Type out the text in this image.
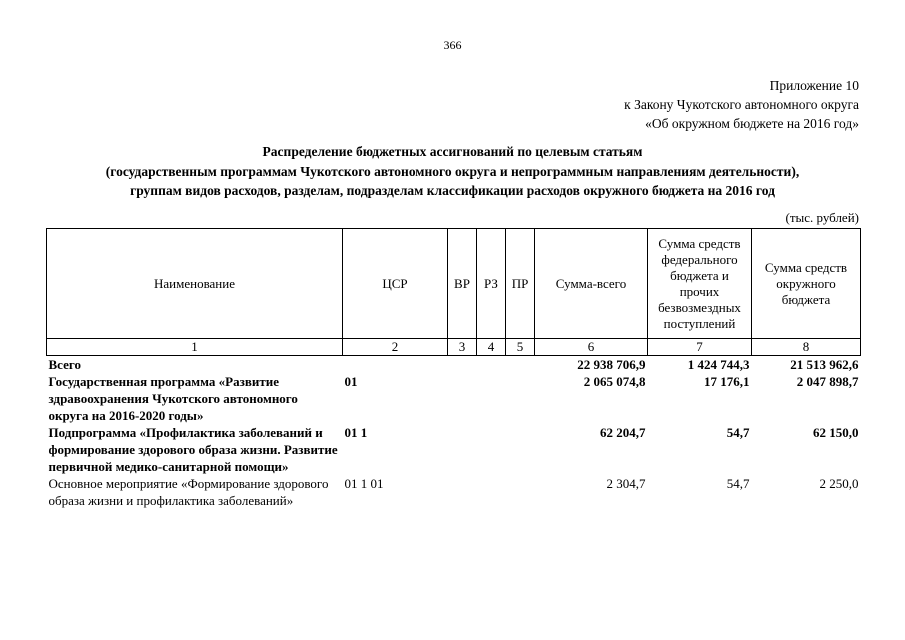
366
Приложение 10
к Закону Чукотского автономного округа
«Об окружном бюджете на 2016 год»
Распределение бюджетных ассигнований по целевым статьям
(государственным программам Чукотского автономного округа и непрограммным направлениям деятельности),
группам видов расходов, разделам, подразделам классификации расходов окружного бюджета на 2016 год
(тыс. рублей)
Наименование	ЦСР	ВР	РЗ	ПР	Сумма-всего	Сумма средств федерального бюджета и прочих безвозмездных поступлений	Сумма средств окружного бюджета
1	2	3	4	5	6	7	8
Всего					22 938 706,9	1 424 744,3	21 513 962,6
Государственная программа «Развитие здравоохранения Чукотского автономного округа на 2016-2020 годы»	01				2 065 074,8	17 176,1	2 047 898,7
Подпрограмма «Профилактика заболеваний и формирование здорового образа жизни. Развитие первичной медико-санитарной помощи»	01 1				62 204,7	54,7	62 150,0
Основное мероприятие «Формирование здорового образа жизни и профилактика заболеваний»	01 1 01				2 304,7	54,7	2 250,0
